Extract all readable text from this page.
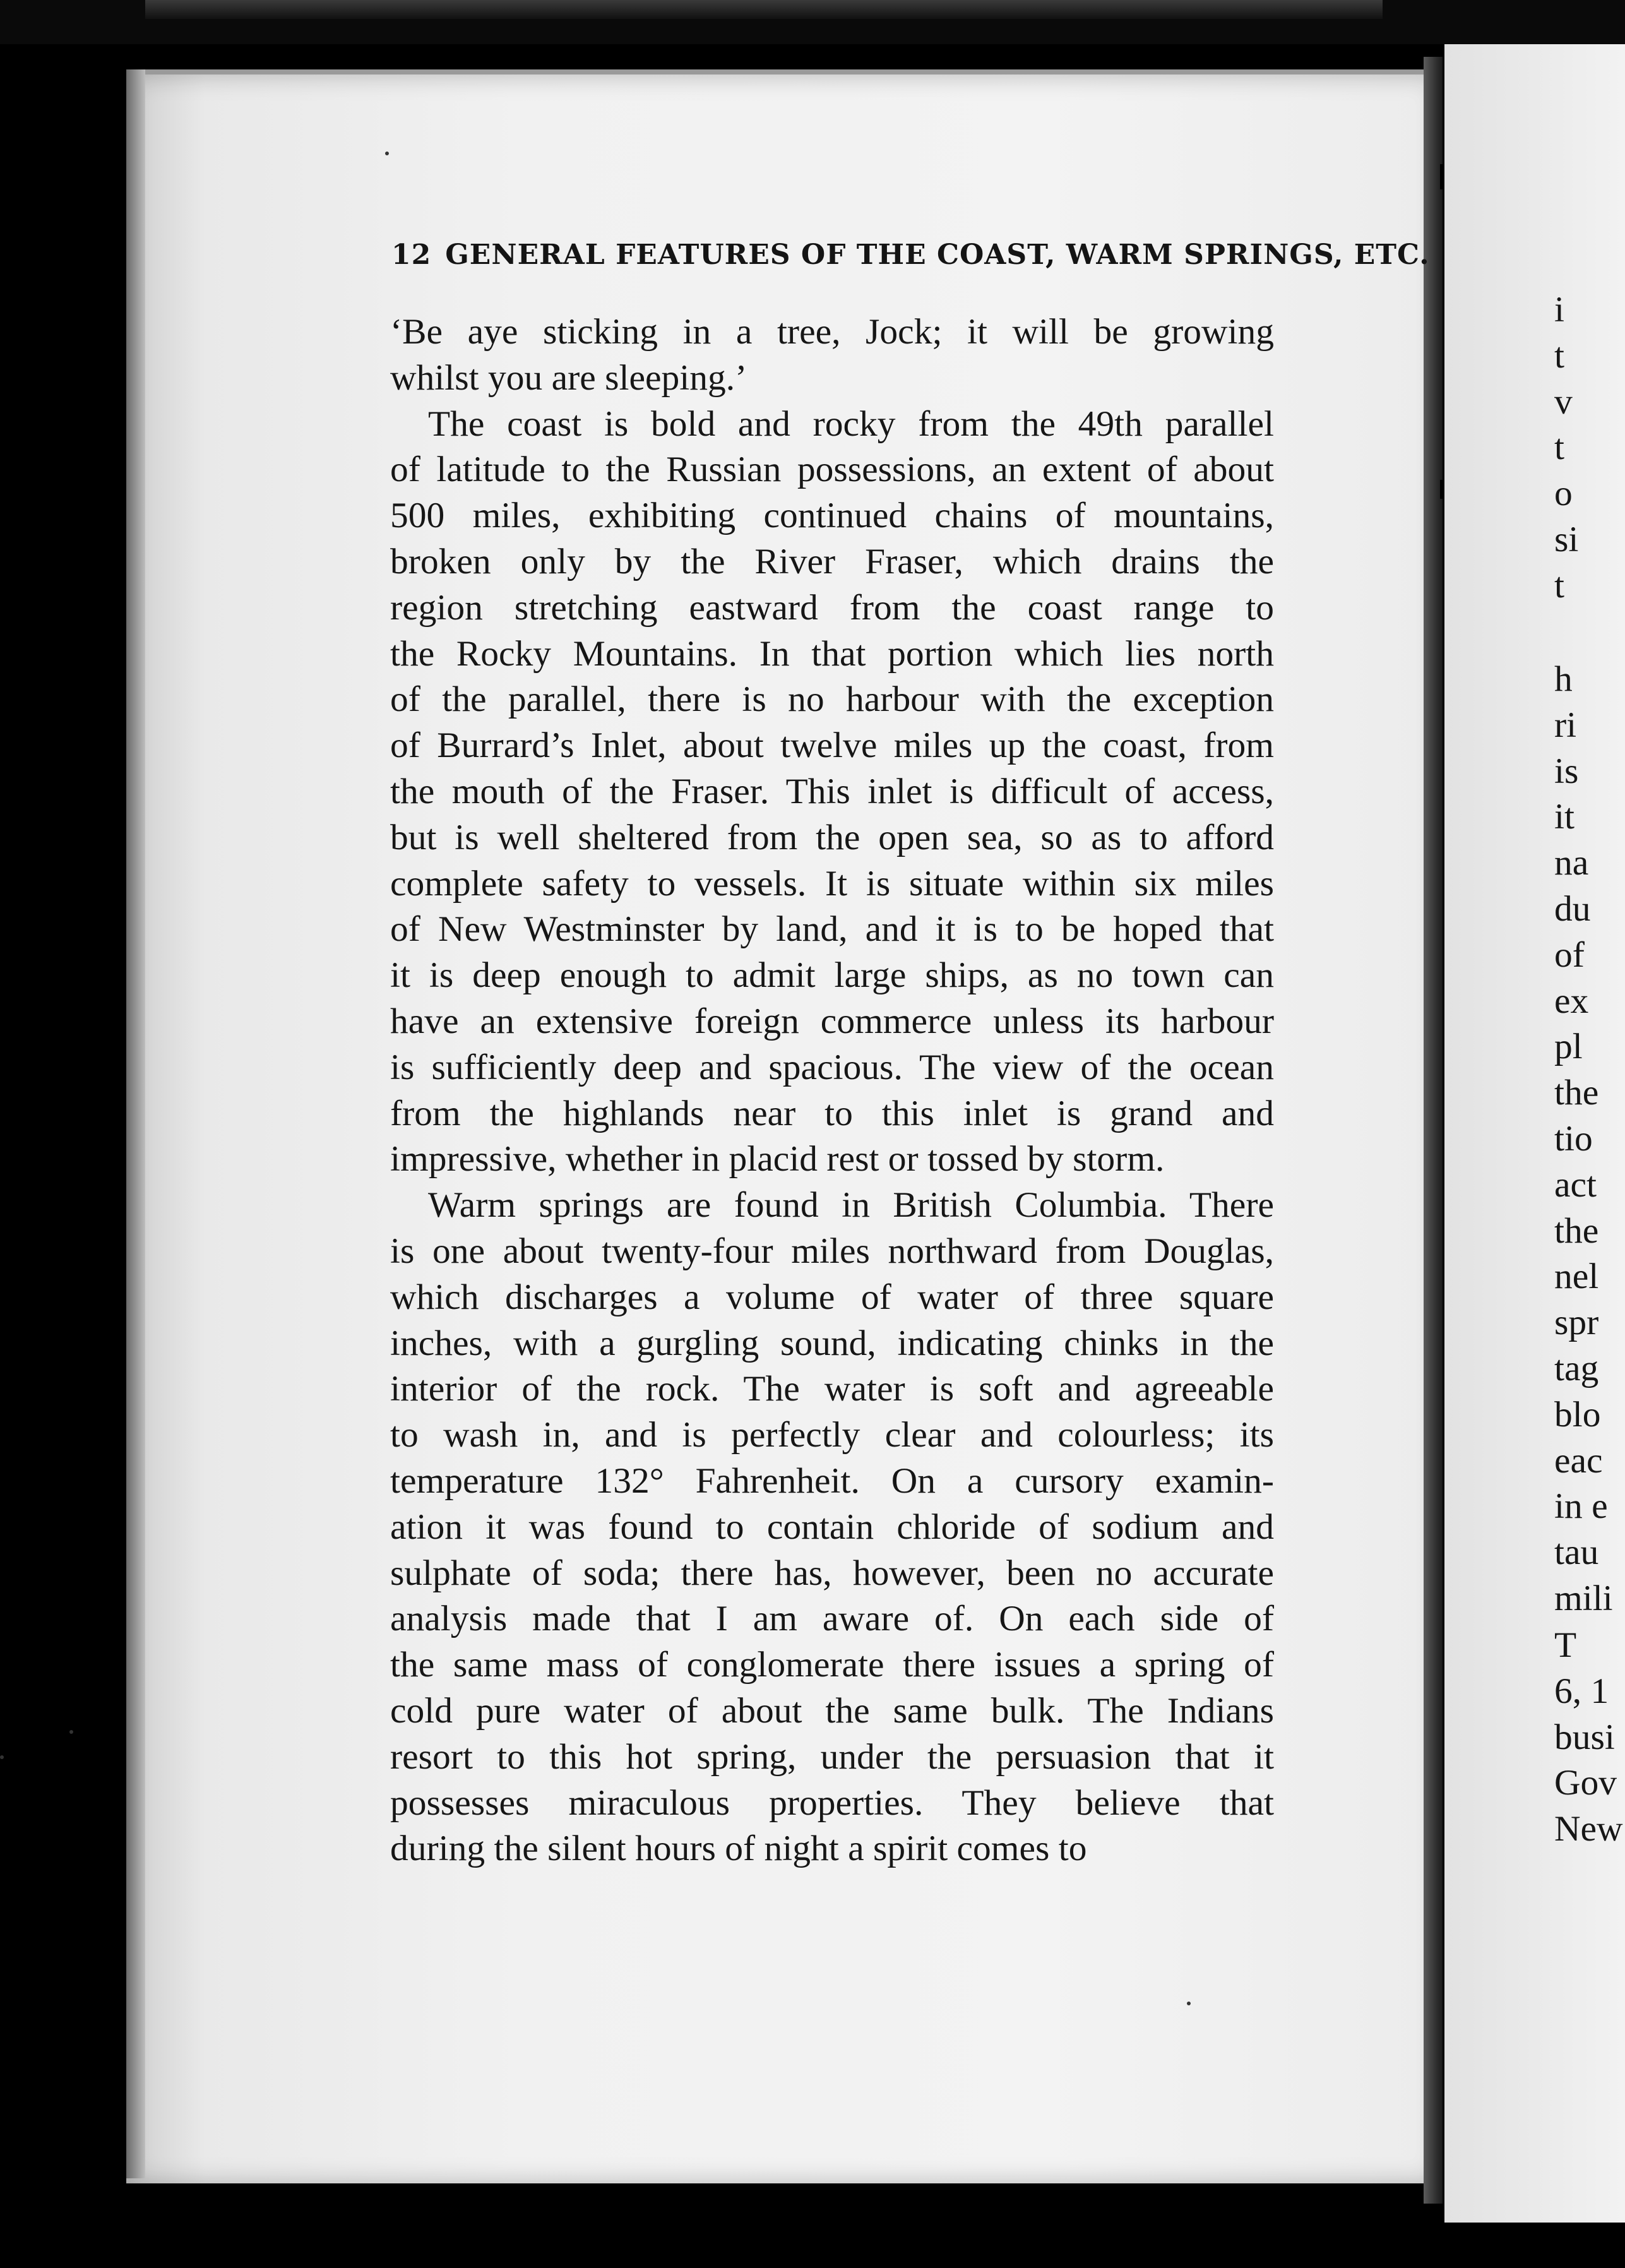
12 GENERAL FEATURES OF THE COAST, WARM SPRINGS, ETC.
‘Be aye sticking in a tree, Jock; it will be growing
whilst you are sleeping.’
The coast is bold and rocky from the 49th parallel
of latitude to the Russian possessions, an extent of about
500 miles, exhibiting continued chains of mountains,
broken only by the River Fraser, which drains the
region stretching eastward from the coast range to
the Rocky Mountains. In that portion which lies north
of the parallel, there is no harbour with the exception
of Burrard’s Inlet, about twelve miles up the coast, from
the mouth of the Fraser. This inlet is difficult of access,
but is well sheltered from the open sea, so as to afford
complete safety to vessels. It is situate within six miles
of New Westminster by land, and it is to be hoped that
it is deep enough to admit large ships, as no town can
have an extensive foreign commerce unless its harbour
is sufficiently deep and spacious. The view of the ocean
from the highlands near to this inlet is grand and
impressive, whether in placid rest or tossed by storm.
Warm springs are found in British Columbia. There
is one about twenty-four miles northward from Douglas,
which discharges a volume of water of three square
inches, with a gurgling sound, indicating chinks in the
interior of the rock. The water is soft and agreeable
to wash in, and is perfectly clear and colourless; its
temperature 132° Fahrenheit. On a cursory examin-
ation it was found to contain chloride of sodium and
sulphate of soda; there has, however, been no accurate
analysis made that I am aware of. On each side of
the same mass of conglomerate there issues a spring of
cold pure water of about the same bulk. The Indians
resort to this hot spring, under the persuasion that it
possesses miraculous properties. They believe that
during the silent hours of night a spirit comes to
i
t
v
t
o
si
t
h
ri
is
it
na
du
of
ex
pl
the
tio
act
the
nel
spr
tag
blo
eac
in e
tau
mili
T
6, 1
busi
Gov
New
